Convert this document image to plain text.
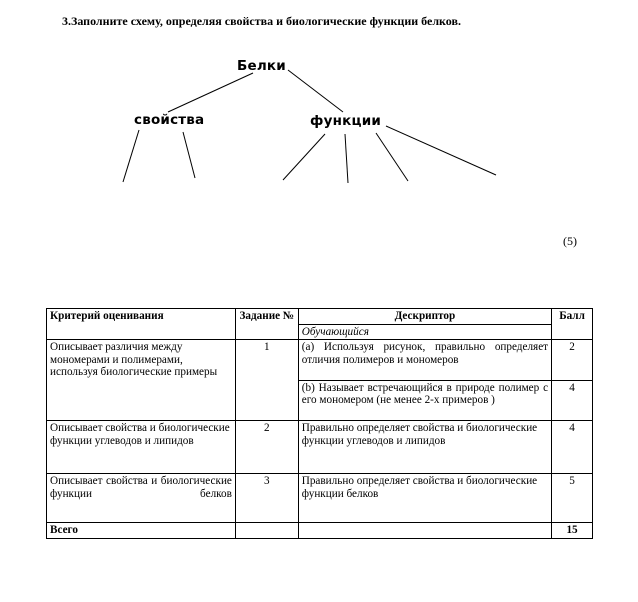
3.Заполните схему, определяя свойства и биологические функции белков.
Белки
свойства	функции
(5)
Критерий оценивания	Задание №	Дескриптор	Балл
		Обучающийся	
Описывает различия между мономерами и полимерами, используя биологические примеры	1	(a) Используя рисунок, правильно определяет отличия полимеров и мономеров	2
		(b) Называет встречающийся в природе полимер с его мономером (не менее 2-х примеров )	4
Описывает свойства и биологические функции углеводов и липидов	2	Правильно определяет свойства и биологические функции углеводов и липидов	4
Описывает свойства и биологические функции белков	3	Правильно определяет свойства и биологические функции белков	5
Всего			15
